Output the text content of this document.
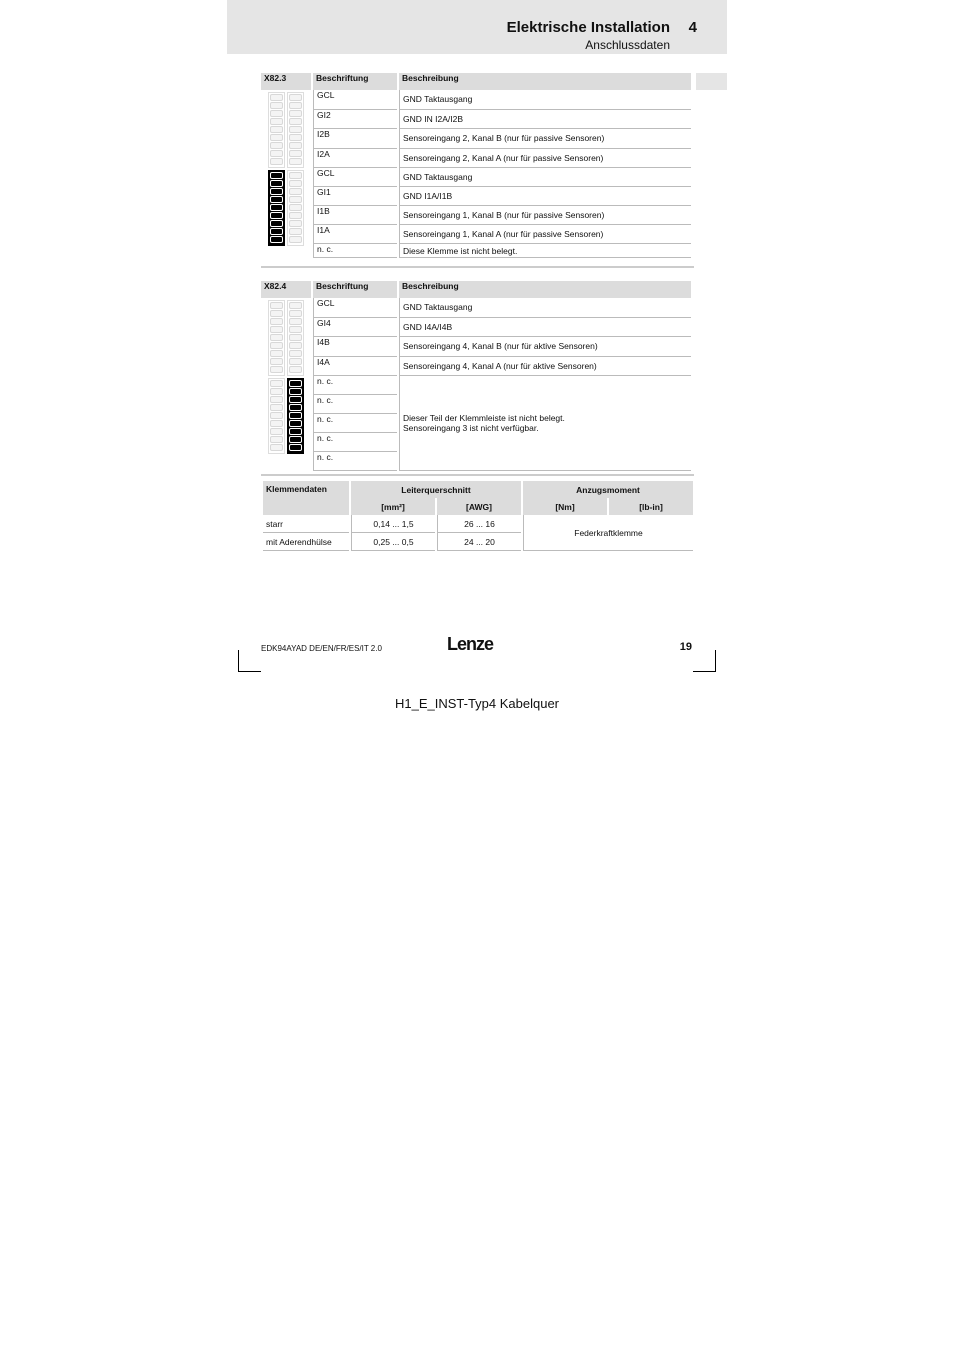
Elektrische Installation 4
Anschlussdaten
X82.3	Beschriftung	Beschreibung

	GCL	GND Taktausgang
	GI2	GND IN I2A/I2B
	I2B	Sensoreingang 2, Kanal B (nur für passive Sensoren)
	I2A	Sensoreingang 2, Kanal A (nur für passive Sensoren)

	GCL	GND Taktausgang
	GI1	GND I1A/I1B
	I1B	Sensoreingang 1, Kanal B (nur für passive Sensoren)
	I1A	Sensoreingang 1, Kanal A (nur für passive Sensoren)
	n. c.	Diese Klemme ist nicht belegt.
X82.4	Beschriftung	Beschreibung

	GCL	GND Taktausgang
	GI4	GND I4A/I4B
	I4B	Sensoreingang 4, Kanal B (nur für aktive Sensoren)
	I4A	Sensoreingang 4, Kanal A (nur für aktive Sensoren)

	n. c.	Dieser Teil der Klemmleiste ist nicht belegt.
Sensoreingang 3 ist nicht verfügbar.

	n. c.	
	n. c.	
	n. c.	
	n. c.	
Klemmendaten	Leiterquerschnitt		Anzugsmoment	
	[mm²]	[AWG]	[Nm]	[lb-in]
starr	0,14 ... 1,5	26 ... 16	Federkraftklemme	
mit Aderendhülse	0,25 ... 0,5	24 ... 20		
EDK94AYAD DE/EN/FR/ES/IT 2.0	Lenze	19
H1_E_INST-Typ4 Kabelquer
